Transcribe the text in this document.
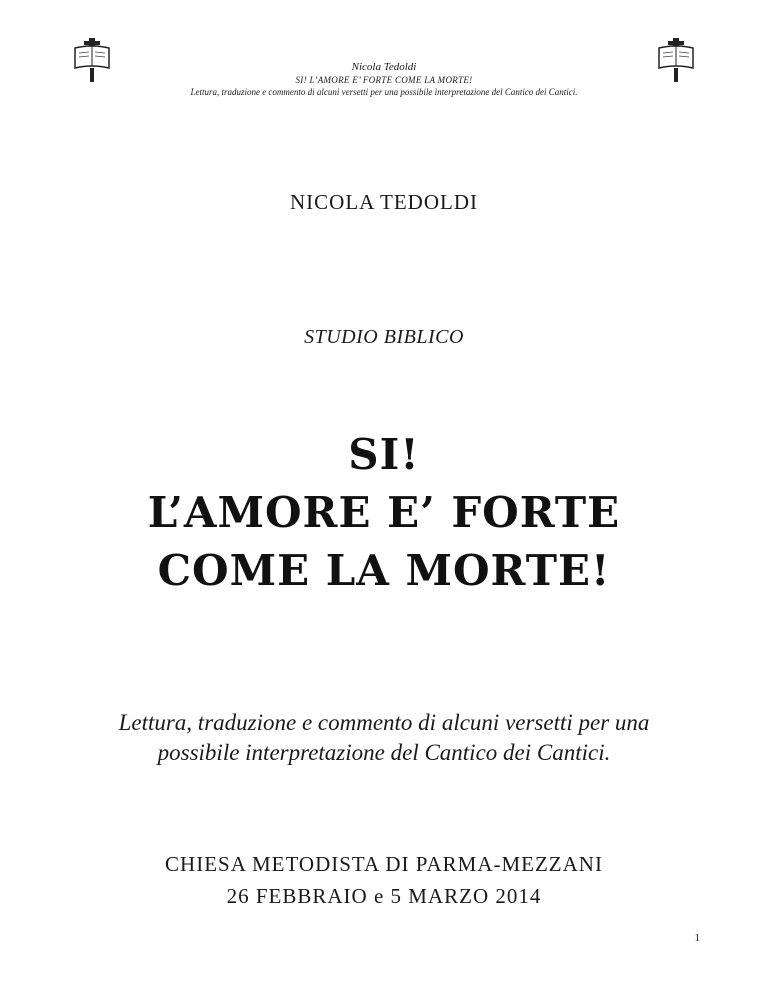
Nicola Tedoldi
SI! L’AMORE E’ FORTE COME LA MORTE!
Lettura, traduzione e commento di alcuni versetti per una possibile interpretazione del Cantico dei Cantici.
NICOLA TEDOLDI
STUDIO BIBLICO
SI!
L’AMORE E’ FORTE
COME LA MORTE!
Lettura, traduzione e commento di alcuni versetti per una
possibile interpretazione del Cantico dei Cantici.
CHIESA METODISTA DI PARMA-MEZZANI
26 FEBBRAIO e 5 MARZO 2014
1
